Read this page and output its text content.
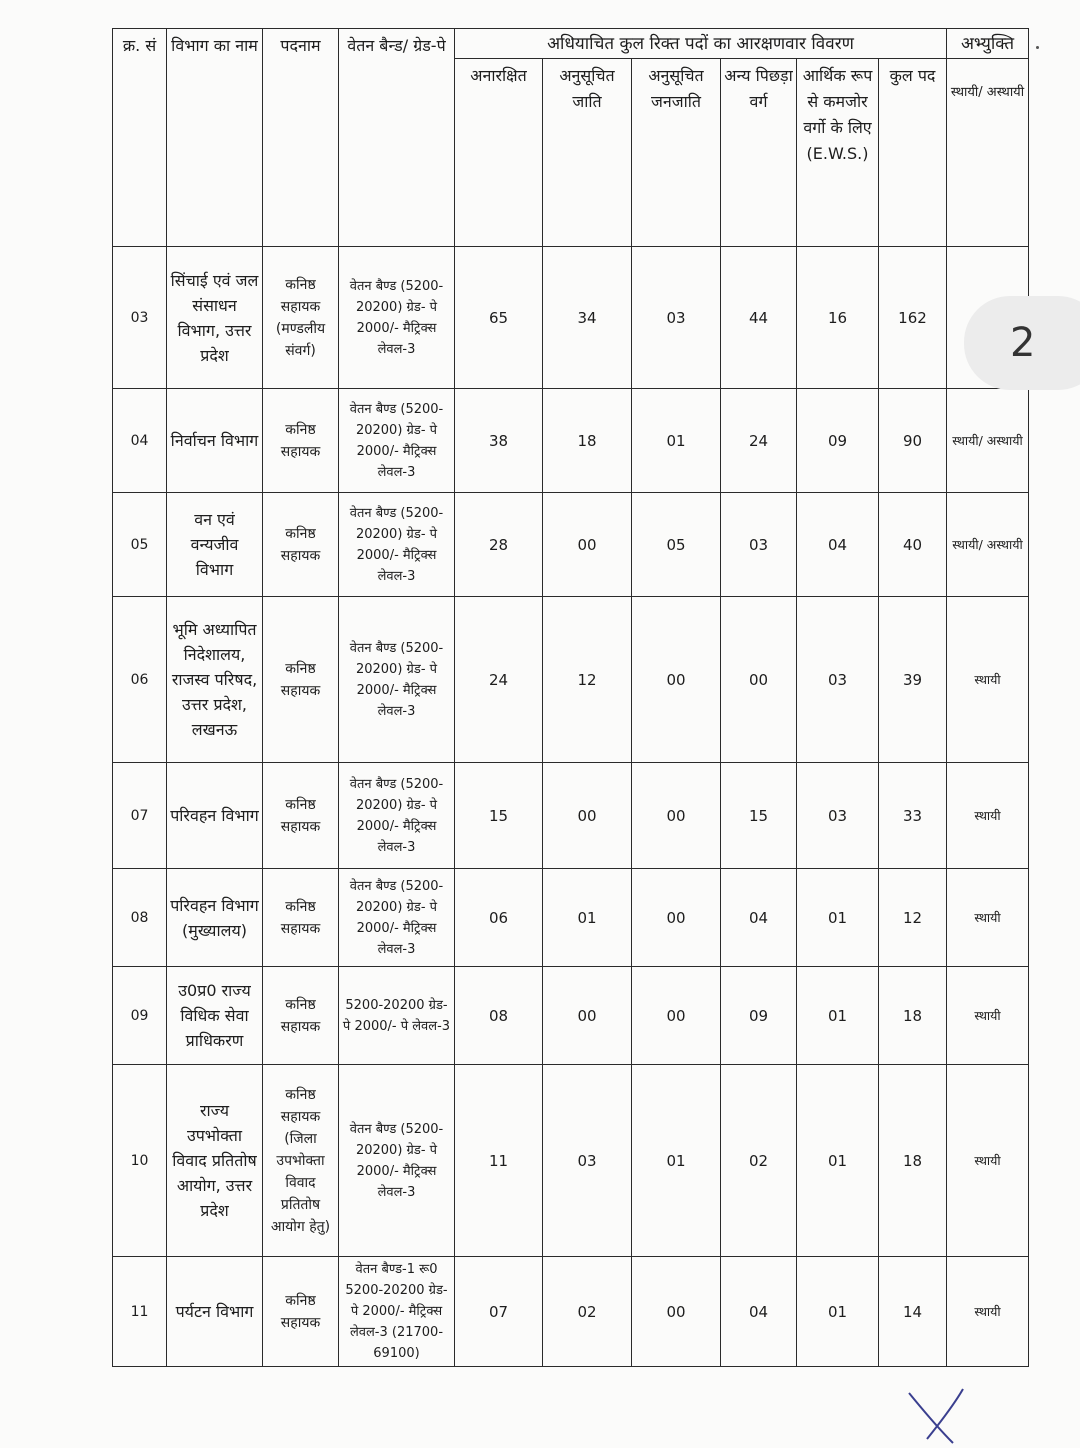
क्र. सं	विभाग का नाम	पदनाम	वेतन बैन्ड/ ग्रेड-पे	अधियाचित कुल रिक्त पदों का आरक्षणवार विवरण						अभ्युक्ति
				अनारक्षित	अनुसूचित जाति	अनुसूचित जनजाति	अन्य पिछड़ा वर्ग	आर्थिक रूप से कमजोर वर्गो के लिए (E.W.S.)	कुल पद	स्थायी/ अस्थायी
03	सिंचाई एवं जल संसाधन विभाग, उत्तर प्रदेश	कनिष्ठ सहायक (मण्डलीय संवर्ग)	वेतन बैण्ड (5200-20200) ग्रेड- पे 2000/- मैट्रिक्स लेवल-3	65	34	03	44	16	162	
04	निर्वाचन विभाग	कनिष्ठ सहायक	वेतन बैण्ड (5200-20200) ग्रेड- पे 2000/- मैट्रिक्स लेवल-3	38	18	01	24	09	90	स्थायी/ अस्थायी
05	वन एवं वन्यजीव विभाग	कनिष्ठ सहायक	वेतन बैण्ड (5200-20200) ग्रेड- पे 2000/- मैट्रिक्स लेवल-3	28	00	05	03	04	40	स्थायी/ अस्थायी
06	भूमि अध्यापित निदेशालय, राजस्व परिषद, उत्तर प्रदेश, लखनऊ	कनिष्ठ सहायक	वेतन बैण्ड (5200-20200) ग्रेड- पे 2000/- मैट्रिक्स लेवल-3	24	12	00	00	03	39	स्थायी
07	परिवहन विभाग	कनिष्ठ सहायक	वेतन बैण्ड (5200-20200) ग्रेड- पे 2000/- मैट्रिक्स लेवल-3	15	00	00	15	03	33	स्थायी
08	परिवहन विभाग (मुख्यालय)	कनिष्ठ सहायक	वेतन बैण्ड (5200-20200) ग्रेड- पे 2000/- मैट्रिक्स लेवल-3	06	01	00	04	01	12	स्थायी
09	उ0प्र0 राज्य विधिक सेवा प्राधिकरण	कनिष्ठ सहायक	5200-20200 ग्रेड- पे 2000/- पे लेवल-3	08	00	00	09	01	18	स्थायी
10	राज्य उपभोक्ता विवाद प्रतितोष आयोग, उत्तर प्रदेश	कनिष्ठ सहायक (जिला उपभोक्ता विवाद प्रतितोष आयोग हेतु)	वेतन बैण्ड (5200-20200) ग्रेड- पे 2000/- मैट्रिक्स लेवल-3	11	03	01	02	01	18	स्थायी
11	पर्यटन विभाग	कनिष्ठ सहायक	वेतन बैण्ड-1 रू0 5200-20200 ग्रेड- पे 2000/- मैट्रिक्स लेवल-3 (21700-69100)	07	02	00	04	01	14	स्थायी
2
